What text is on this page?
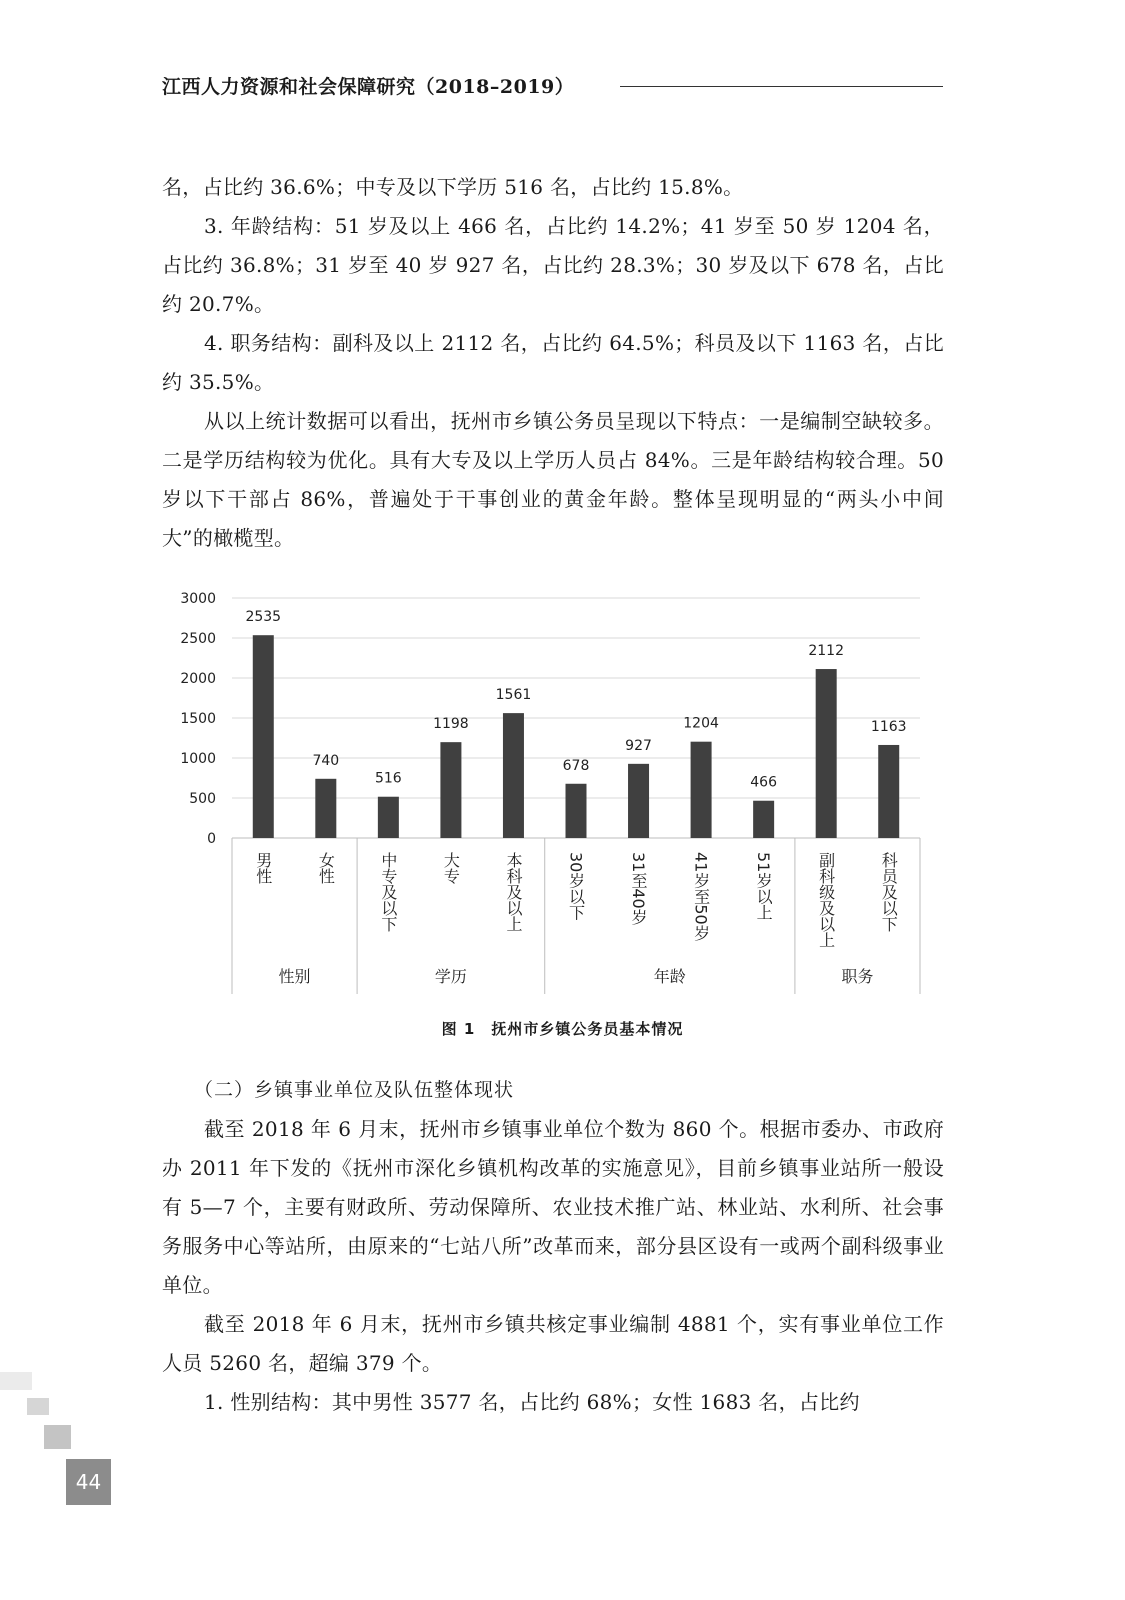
江西人力资源和社会保障研究（2018–2019）

名，占比约 36.6%；中专及以下学历 516 名，占比约 15.8%。

3. 年龄结构：51 岁及以上 466 名，占比约 14.2%；41 岁至 50 岁 1204 名，占比约 36.8%；31 岁至 40 岁 927 名，占比约 28.3%；30 岁及以下 678 名，占比约 20.7%。

4. 职务结构：副科及以上 2112 名，占比约 64.5%；科员及以下 1163 名，占比约 35.5%。

从以上统计数据可以看出，抚州市乡镇公务员呈现以下特点：一是编制空缺较多。二是学历结构较为优化。具有大专及以上学历人员占 84%。三是年龄结构较合理。50 岁以下干部占 86%，普遍处于干事创业的黄金年龄。整体呈现明显的“两头小中间大”的橄榄型。

0
500
1000
1500
2000
2500
3000
性别	学历	年龄	职务
2535
男性
740
女性
516
中专及以下
1198
大专
1561
本科及以上
678
30岁以下
927
31至40岁
1204
41岁至50岁
466
51岁以上
2112
副科级及以上
1163
科员及以下
图 1　抚州市乡镇公务员基本情况

（二）乡镇事业单位及队伍整体现状

截至 2018 年 6 月末，抚州市乡镇事业单位个数为 860 个。根据市委办、市政府办 2011 年下发的《抚州市深化乡镇机构改革的实施意见》，目前乡镇事业站所一般设有 5—7 个，主要有财政所、劳动保障所、农业技术推广站、林业站、水利所、社会事务服务中心等站所，由原来的“七站八所”改革而来，部分县区设有一或两个副科级事业单位。

截至 2018 年 6 月末，抚州市乡镇共核定事业编制 4881 个，实有事业单位工作人员 5260 名，超编 379 个。

1. 性别结构：其中男性 3577 名，占比约 68%；女性 1683 名，占比约

44
